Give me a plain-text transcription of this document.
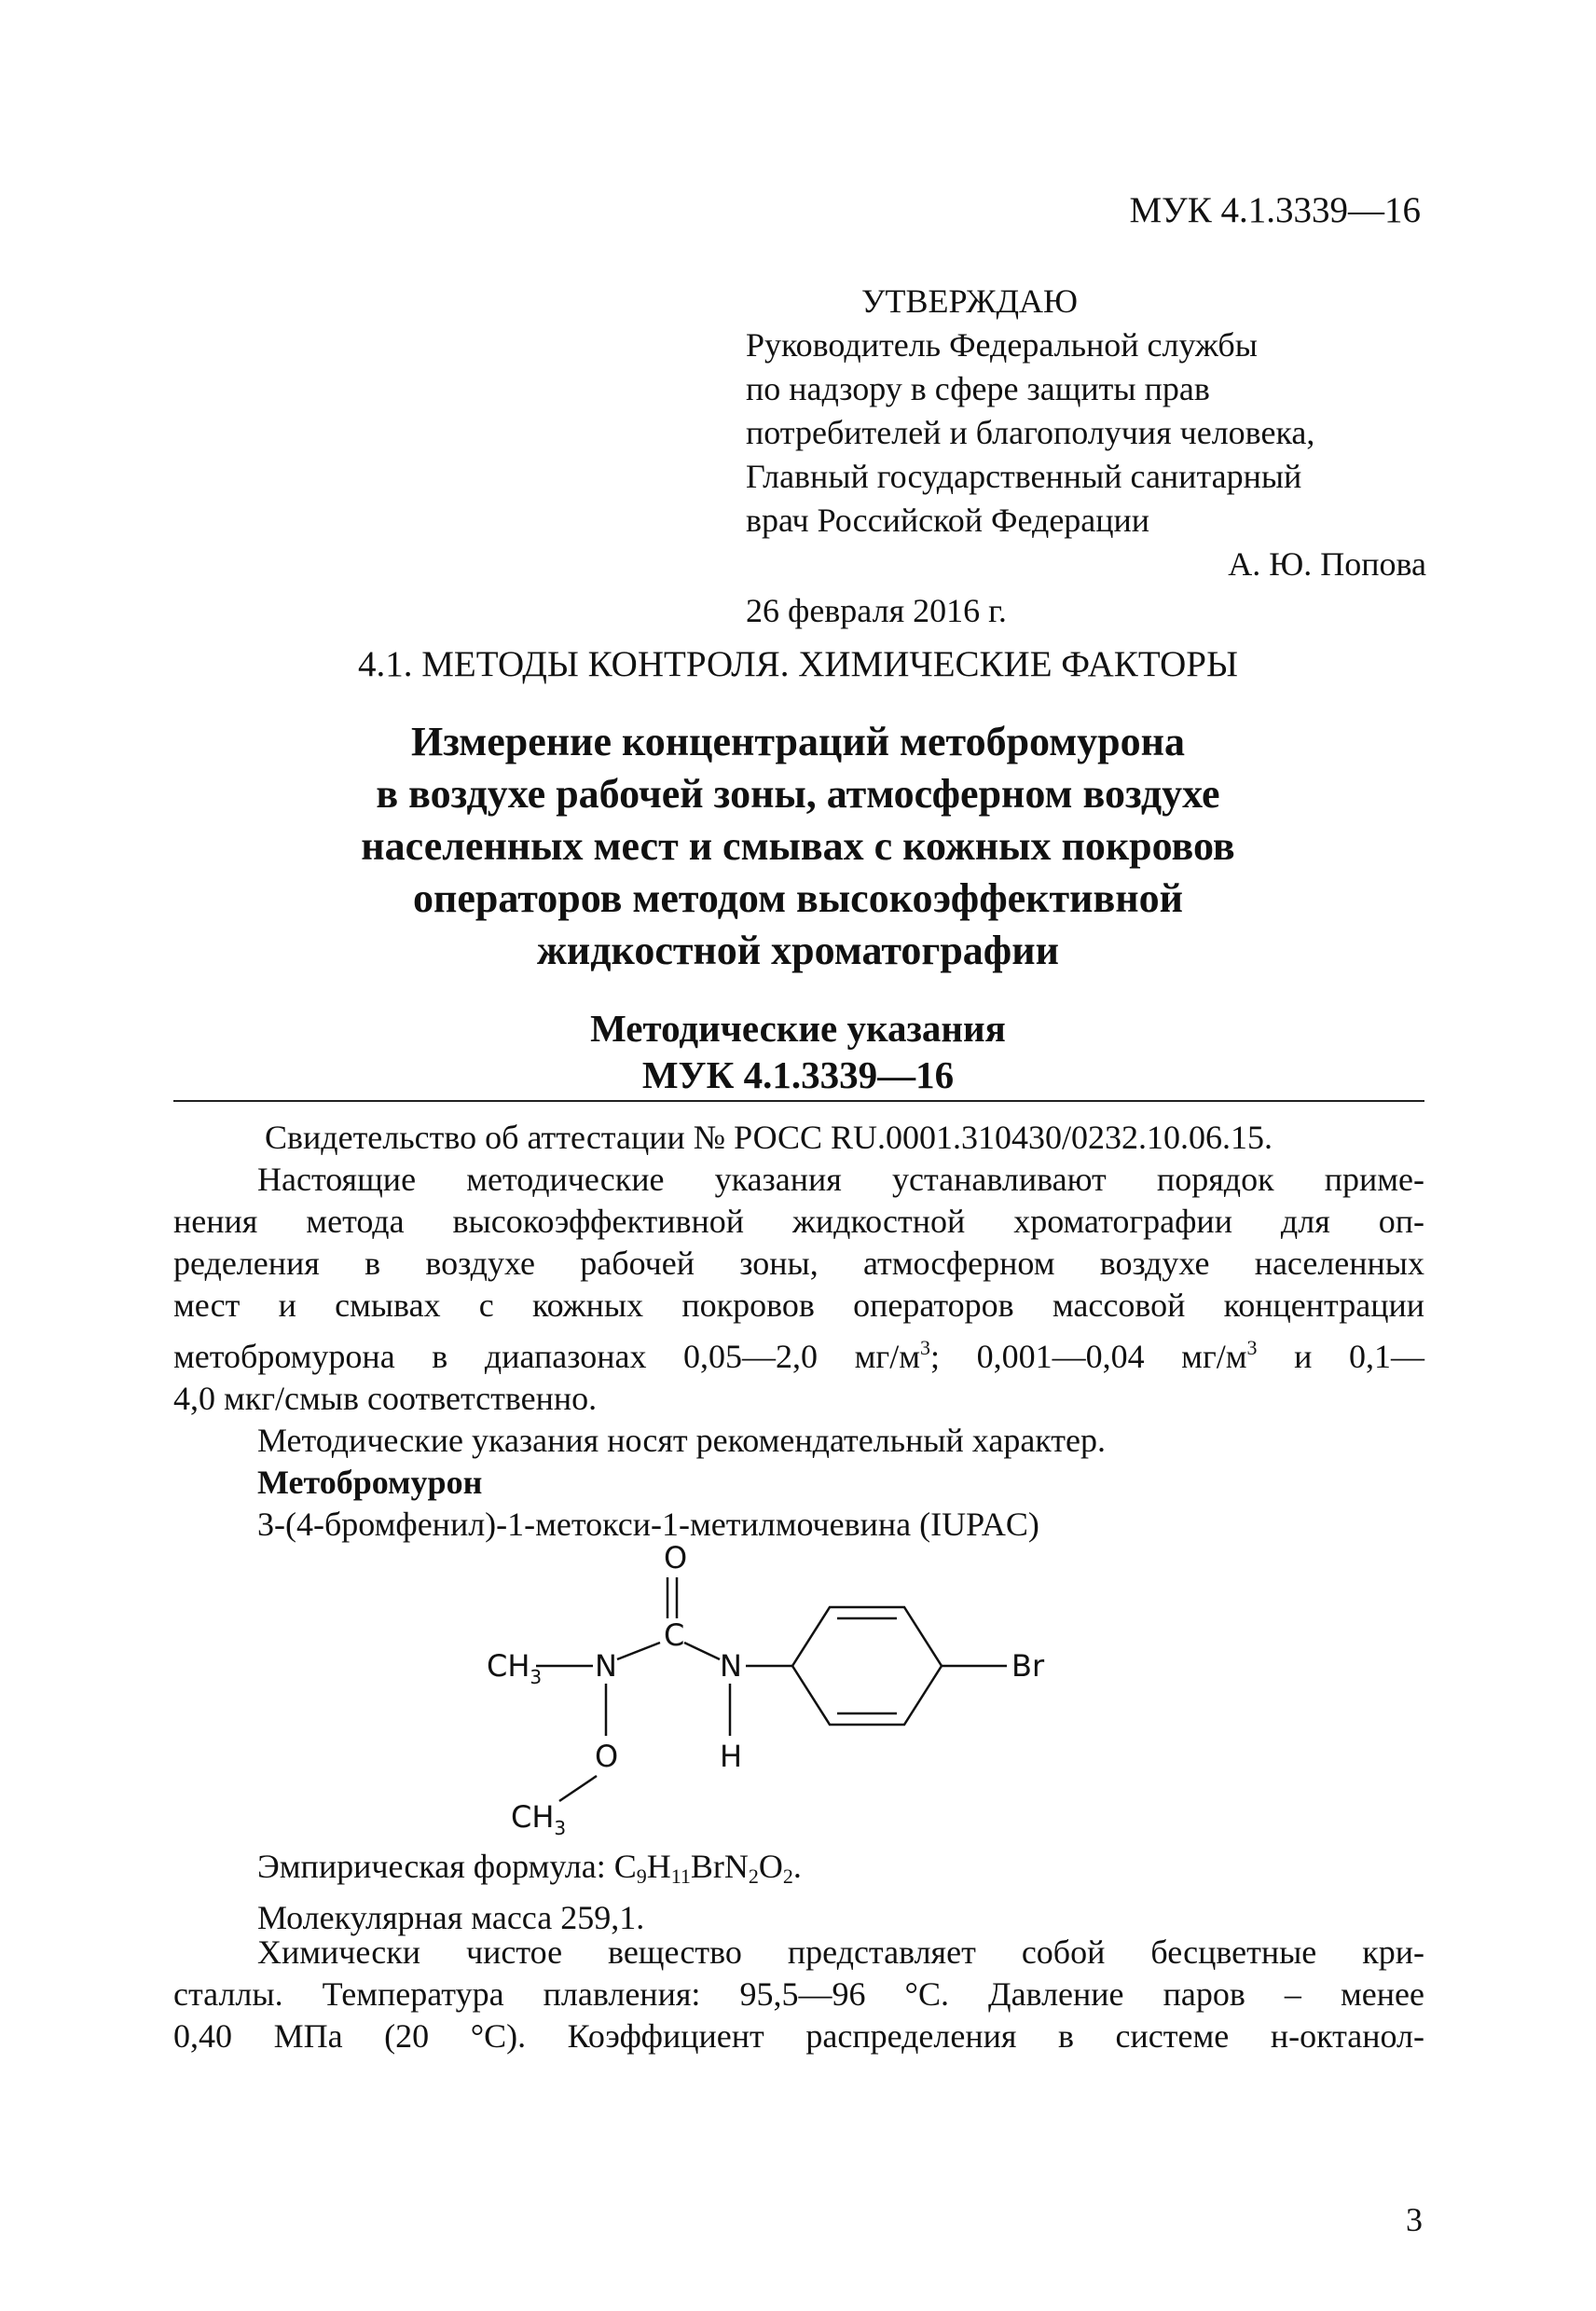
МУК 4.1.3339—16
УТВЕРЖДАЮ
Руководитель Федеральной службы
по надзору в сфере защиты прав
потребителей и благополучия человека,
Главный государственный санитарный
врач Российской Федерации
А. Ю. Попова
26 февраля 2016 г.
4.1. МЕТОДЫ КОНТРОЛЯ. ХИМИЧЕСКИЕ ФАКТОРЫ
Измерение концентраций метобромурона
в воздухе рабочей зоны, атмосферном воздухе
населенных мест и смывах с кожных покровов
операторов методом высокоэффективной
жидкостной хроматографии
Методические указания
МУК 4.1.3339—16
Свидетельство об аттестации № РОСС RU.0001.310430/0232.10.06.15.
Настоящие методические указания устанавливают порядок приме-
нения метода высокоэффективной жидкостной хроматографии для оп-
ределения в воздухе рабочей зоны, атмосферном воздухе населенных
мест и смывах с кожных покровов операторов массовой концентрации
метобромурона в диапазонах 0,05—2,0 $мг/м^3$; 0,001—0,04 $мг/м^3$ и 0,1—
4,0 мкг/смыв соответственно.
Методические указания носят рекомендательный характер.
Метобромурон
3-(4-бромфенил)-1-метокси-1-метилмочевина (IUPAC)
O
C
$CH_3$ N	N
O	H
Br
$CH_3$
Эмпирическая формула: $C_9H_{11}BrN_2O_2$.
Молекулярная масса 259,1.
Химически чистое вещество представляет собой бесцветные кри-
сталлы. Температура плавления: 95,5—96 °С. Давление паров – менее
0,40 МПа (20 °С). Коэффициент распределения в системе н-октанол-
3
